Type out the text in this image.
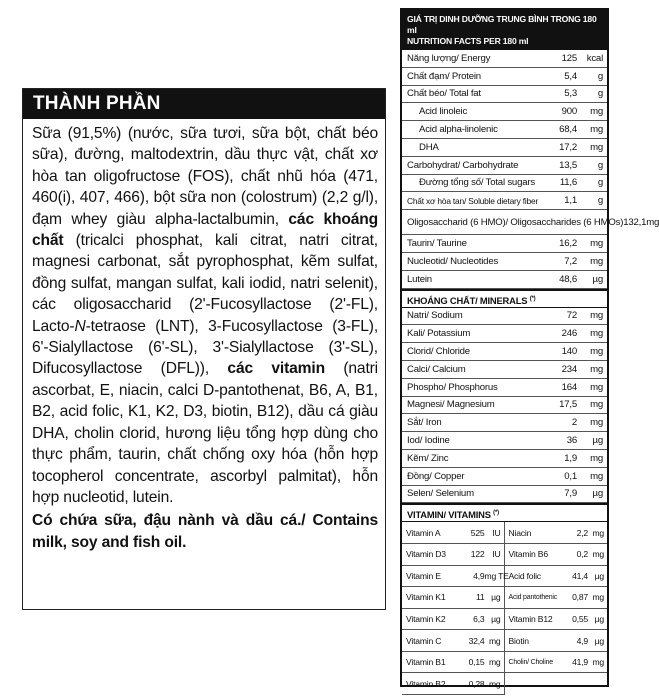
THÀNH PHẦN
Sữa (91,5%) (nước, sữa tươi, sữa bột, chất béo sữa), đường, maltodextrin, dầu thực vật, chất xơ hòa tan oligofructose (FOS), chất nhũ hóa (471, 460(i), 407, 466), bột sữa non (colostrum) (2,2 g/l), đạm whey giàu alpha-lactalbumin, các khoáng chất (tricalci phosphat, kali citrat, natri citrat, magnesi carbonat, sắt pyrophosphat, kẽm sulfat, đồng sulfat, mangan sulfat, kali iodid, natri selenit), các oligosaccharid (2'-Fucosyllactose (2'-FL), Lacto-N-tetraose (LNT), 3-Fucosyllactose (3-FL), 6'-Sialyllactose (6'-SL), 3'-Sialyllactose (3'-SL), Difucosyllactose (DFL)), các vitamin (natri ascorbat, E, niacin, calci D-pantothenat, B6, A, B1, B2, acid folic, K1, K2, D3, biotin, B12), dầu cá giàu DHA, cholin clorid, hương liệu tổng hợp dùng cho thực phẩm, taurin, chất chống oxy hóa (hỗn hợp tocopherol concentrate, ascorbyl palmitat), hỗn hợp nucleotid, lutein.
Có chứa sữa, đậu nành và dầu cá./ Contains milk, soy and fish oil.
GIÁ TRỊ DINH DƯỠNG TRUNG BÌNH TRONG 180 ml
NUTRITION FACTS PER 180 ml
Năng lượng/ Energy	125	kcal
Chất đạm/ Protein	5,4	g
Chất béo/ Total fat	5,3	g
Acid linoleic	900	mg
Acid alpha-linolenic	68,4	mg
DHA	17,2	mg
Carbohydrat/ Carbohydrate	13,5	g
Đường tổng số/ Total sugars	11,6	g
Chất xơ hòa tan/ Soluble dietary fiber	1,1	g
Oligosaccharid (6 HMO)/ Oligosaccharides (6 HMOs) 132,1 mg
Taurin/ Taurine	16,2	mg
Nucleotid/ Nucleotides	7,2	mg
Lutein	48,6	µg
KHOÁNG CHẤT/ MINERALS (*)
Natri/ Sodium	72	mg
Kali/ Potassium	246	mg
Clorid/ Chloride	140	mg
Calci/ Calcium	234	mg
Phospho/ Phosphorus	164	mg
Magnesi/ Magnesium	17,5	mg
Sắt/ Iron	2	mg
Iod/ Iodine	36	µg
Kẽm/ Zinc	1,9	mg
Đồng/ Copper	0,1	mg
Selen/ Selenium	7,9	µg
VITAMIN/ VITAMINS (*)
Vitamin A	525 IU
Vitamin D3	122 IU
Vitamin E	4,9 mg TE
Vitamin K1	11 µg
Vitamin K2	6,3 µg
Vitamin C	32,4 mg
Vitamin B1	0,15 mg
Vitamin B2	0,28 mg
Niacin	2,2 mg
Vitamin B6	0,2 mg
Acid folic	41,4 µg
Acid pantothenic	0,87 mg
Vitamin B12	0,55 µg
Biotin	4,9 µg
Cholin/ Choline	41,9 mg
